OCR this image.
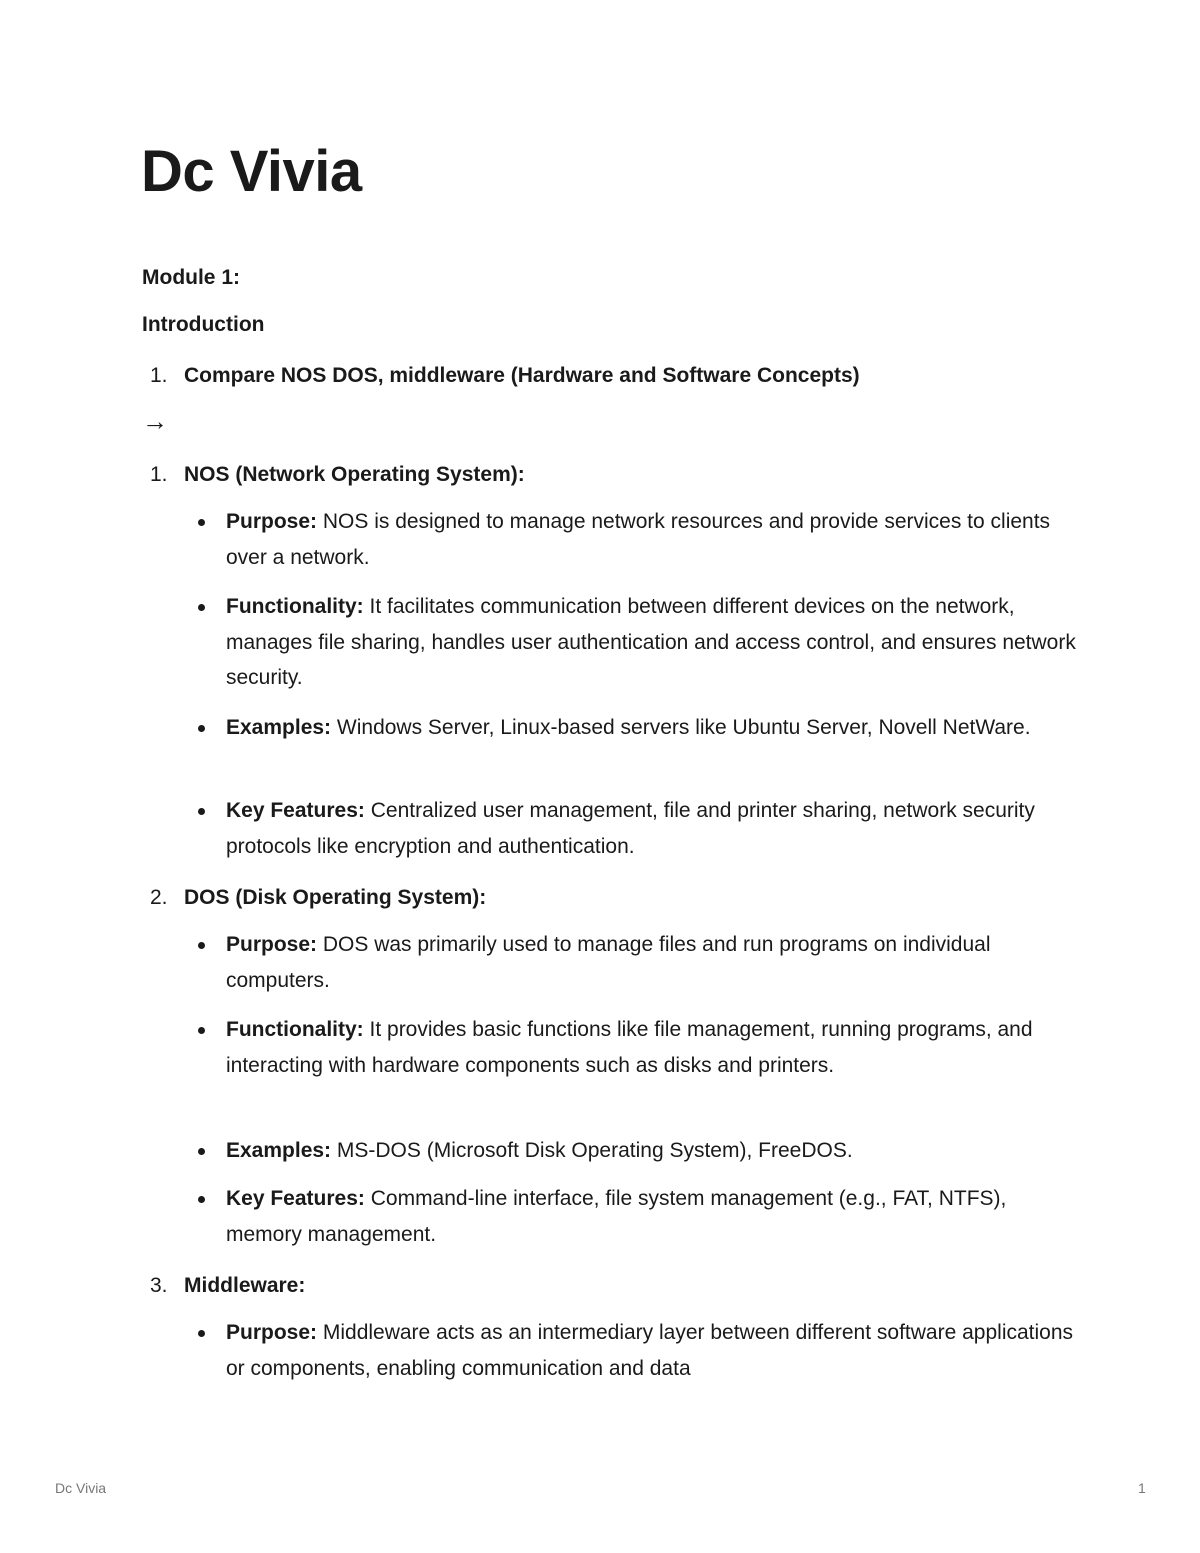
Dc Vivia

Module 1:

Introduction

1. Compare NOS DOS, middleware (Hardware and Software Concepts)
→
1. NOS (Network Operating System):

Purpose: NOS is designed to manage network resources and provide services to clients over a network.

Functionality: It facilitates communication between different devices on the network, manages file sharing, handles user authentication and access control, and ensures network security.

Examples: Windows Server, Linux-based servers like Ubuntu Server, Novell NetWare.

Key Features: Centralized user management, file and printer sharing, network security protocols like encryption and authentication.

2. DOS (Disk Operating System):

Purpose: DOS was primarily used to manage files and run programs on individual computers.

Functionality: It provides basic functions like file management, running programs, and interacting with hardware components such as disks and printers.

Examples: MS-DOS (Microsoft Disk Operating System), FreeDOS.

Key Features: Command-line interface, file system management (e.g., FAT, NTFS), memory management.

3. Middleware:

Purpose: Middleware acts as an intermediary layer between different software applications or components, enabling communication and data

Dc Vivia	1
